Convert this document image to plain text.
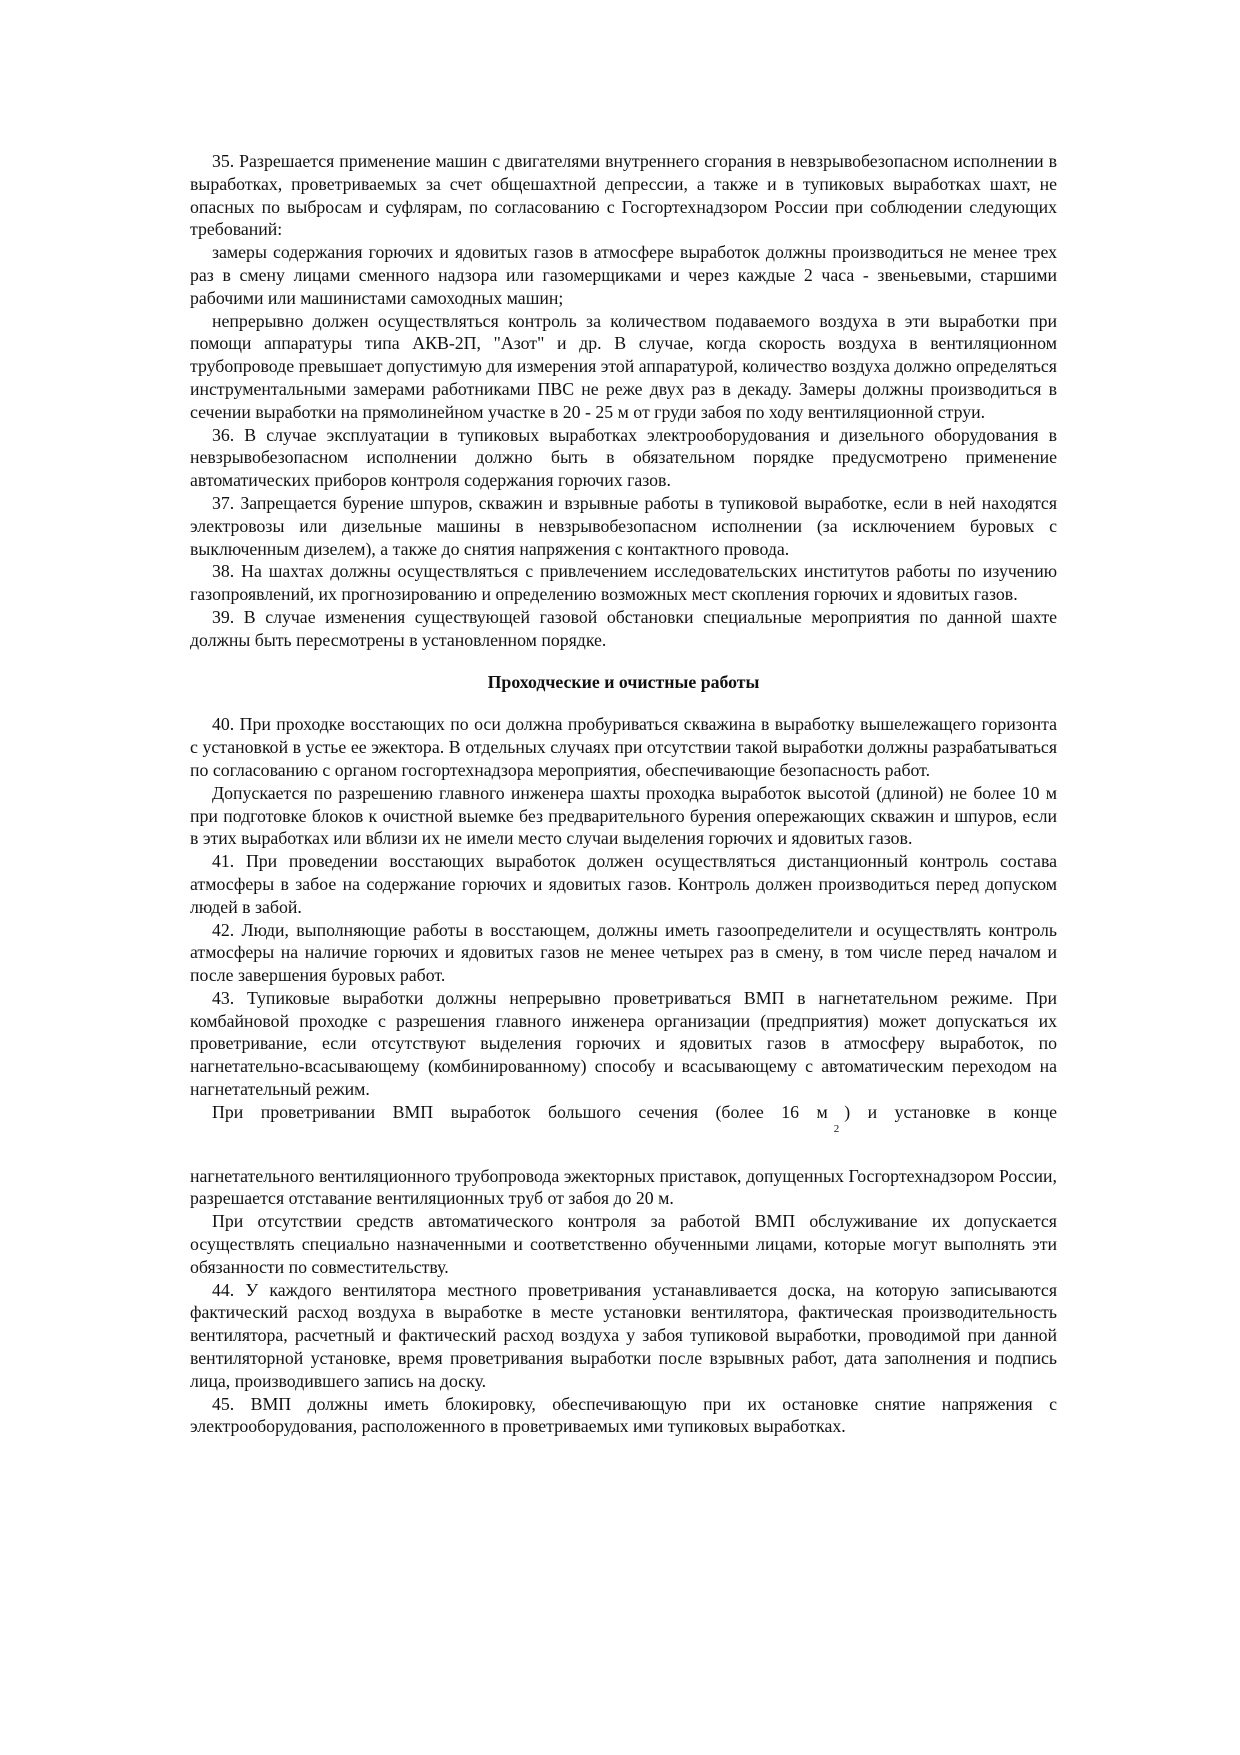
35. Разрешается применение машин с двигателями внутреннего сгорания в невзрывобезопасном исполнении в выработках, проветриваемых за счет общешахтной депрессии, а также и в тупиковых выработках шахт, не опасных по выбросам и суфлярам, по согласованию с Госгортехнадзором России при соблюдении следующих требований:

замеры содержания горючих и ядовитых газов в атмосфере выработок должны производиться не менее трех раз в смену лицами сменного надзора или газомерщиками и через каждые 2 часа - звеньевыми, старшими рабочими или машинистами самоходных машин;

непрерывно должен осуществляться контроль за количеством подаваемого воздуха в эти выработки при помощи аппаратуры типа АКВ-2П, "Азот" и др. В случае, когда скорость воздуха в вентиляционном трубопроводе превышает допустимую для измерения этой аппаратурой, количество воздуха должно определяться инструментальными замерами работниками ПВС не реже двух раз в декаду. Замеры должны производиться в сечении выработки на прямолинейном участке в 20 - 25 м от груди забоя по ходу вентиляционной струи.

36. В случае эксплуатации в тупиковых выработках электрооборудования и дизельного оборудования в невзрывобезопасном исполнении должно быть в обязательном порядке предусмотрено применение автоматических приборов контроля содержания горючих газов.

37. Запрещается бурение шпуров, скважин и взрывные работы в тупиковой выработке, если в ней находятся электровозы или дизельные машины в невзрывобезопасном исполнении (за исключением буровых с выключенным дизелем), а также до снятия напряжения с контактного провода.

38. На шахтах должны осуществляться с привлечением исследовательских институтов работы по изучению газопроявлений, их прогнозированию и определению возможных мест скопления горючих и ядовитых газов.

39. В случае изменения существующей газовой обстановки специальные мероприятия по данной шахте должны быть пересмотрены в установленном порядке.

Проходческие и очистные работы

40. При проходке восстающих по оси должна пробуриваться скважина в выработку вышележащего горизонта с установкой в устье ее эжектора. В отдельных случаях при отсутствии такой выработки должны разрабатываться по согласованию с органом госгортехнадзора мероприятия, обеспечивающие безопасность работ.

Допускается по разрешению главного инженера шахты проходка выработок высотой (длиной) не более 10 м при подготовке блоков к очистной выемке без предварительного бурения опережающих скважин и шпуров, если в этих выработках или вблизи их не имели место случаи выделения горючих и ядовитых газов.

41. При проведении восстающих выработок должен осуществляться дистанционный контроль состава атмосферы в забое на содержание горючих и ядовитых газов. Контроль должен производиться перед допуском людей в забой.

42. Люди, выполняющие работы в восстающем, должны иметь газоопределители и осуществлять контроль атмосферы на наличие горючих и ядовитых газов не менее четырех раз в смену, в том числе перед началом и после завершения буровых работ.

43. Тупиковые выработки должны непрерывно проветриваться ВМП в нагнетательном режиме. При комбайновой проходке с разрешения главного инженера организации (предприятия) может допускаться их проветривание, если отсутствуют выделения горючих и ядовитых газов в атмосферу выработок, по нагнетательно-всасывающему (комбинированному) способу и всасывающему с автоматическим переходом на нагнетательный режим.

При проветривании ВМП выработок большого сечения (более 16 $м_2$) и установке в конце

нагнетательного вентиляционного трубопровода эжекторных приставок, допущенных Госгортехнадзором России, разрешается отставание вентиляционных труб от забоя до 20 м.

При отсутствии средств автоматического контроля за работой ВМП обслуживание их допускается осуществлять специально назначенными и соответственно обученными лицами, которые могут выполнять эти обязанности по совместительству.

44. У каждого вентилятора местного проветривания устанавливается доска, на которую записываются фактический расход воздуха в выработке в месте установки вентилятора, фактическая производительность вентилятора, расчетный и фактический расход воздуха у забоя тупиковой выработки, проводимой при данной вентиляторной установке, время проветривания выработки после взрывных работ, дата заполнения и подпись лица, производившего запись на доску.

45. ВМП должны иметь блокировку, обеспечивающую при их остановке снятие напряжения с электрооборудования, расположенного в проветриваемых ими тупиковых выработках.
